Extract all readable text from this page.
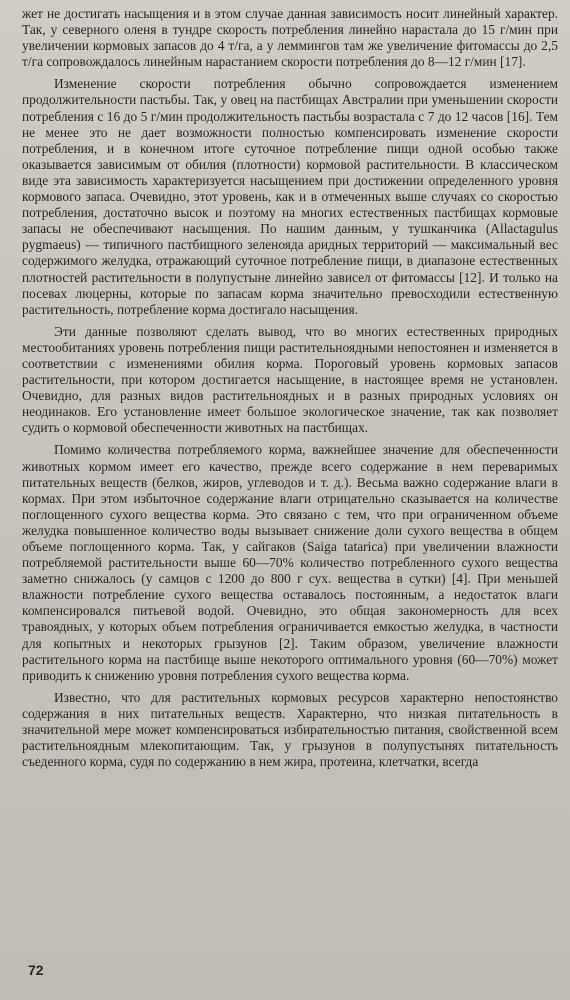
жет не достигать насыщения и в этом случае данная зависимость носит линейный характер. Так, у северного оленя в тундре скорость потребления линейно нарастала до 15 г/мин при увеличении кормовых запасов до 4 т/га, а у леммингов там же увеличение фитомассы до 2,5 т/га сопровождалось линейным нарастанием скорости потребления до 8—12 г/мин [17].

Изменение скорости потребления обычно сопровождается изменением продолжительности пастьбы. Так, у овец на пастбищах Австралии при уменьшении скорости потребления с 16 до 5 г/мин продолжительность пастьбы возрастала с 7 до 12 часов [16]. Тем не менее это не дает возможности полностью компенсировать изменение скорости потребления, и в конечном итоге суточное потребление пищи одной особью также оказывается зависимым от обилия (плотности) кормовой растительности. В классическом виде эта зависимость характеризуется насыщением при достижении определенного уровня кормового запаса. Очевидно, этот уровень, как и в отмеченных выше случаях со скоростью потребления, достаточно высок и поэтому на многих естественных пастбищах кормовые запасы не обеспечивают насыщения. По нашим данным, у тушканчика (Allactagulus pygmaeus) — типичного пастбищного зеленояда аридных территорий — максимальный вес содержимого желудка, отражающий суточное потребление пищи, в диапазоне естественных плотностей растительности в полупустыне линейно зависел от фитомассы [12]. И только на посевах люцерны, которые по запасам корма значительно превосходили естественную растительность, потребление корма достигало насыщения.

Эти данные позволяют сделать вывод, что во многих естественных природных местообитаниях уровень потребления пищи растительноядными непостоянен и изменяется в соответствии с изменениями обилия корма. Пороговый уровень кормовых запасов растительности, при котором достигается насыщение, в настоящее время не установлен. Очевидно, для разных видов растительноядных и в разных природных условиях он неодинаков. Его установление имеет большое экологическое значение, так как позволяет судить о кормовой обеспеченности животных на пастбищах.

Помимо количества потребляемого корма, важнейшее значение для обеспеченности животных кормом имеет его качество, прежде всего содержание в нем переваримых питательных веществ (белков, жиров, углеводов и т. д.). Весьма важно содержание влаги в кормах. При этом избыточное содержание влаги отрицательно сказывается на количестве поглощенного сухого вещества корма. Это связано с тем, что при ограниченном объеме желудка повышенное количество воды вызывает снижение доли сухого вещества в общем объеме поглощенного корма. Так, у сайгаков (Saiga tatarica) при увеличении влажности потребляемой растительности выше 60—70% количество потребленного сухого вещества заметно снижалось (у самцов с 1200 до 800 г сух. вещества в сутки) [4]. При меньшей влажности потребление сухого вещества оставалось постоянным, а недостаток влаги компенсировался питьевой водой. Очевидно, это общая закономерность для всех травоядных, у которых объем потребления ограничивается емкостью желудка, в частности для копытных и некоторых грызунов [2]. Таким образом, увеличение влажности растительного корма на пастбище выше некоторого оптимального уровня (60—70%) может приводить к снижению уровня потребления сухого вещества корма.

Известно, что для растительных кормовых ресурсов характерно непостоянство содержания в них питательных веществ. Характерно, что низкая питательность в значительной мере может компенсироваться избирательностью питания, свойственной всем растительноядным млекопитающим. Так, у грызунов в полупустынях питательность съеденного корма, судя по содержанию в нем жира, протеина, клетчатки, всегда

72
